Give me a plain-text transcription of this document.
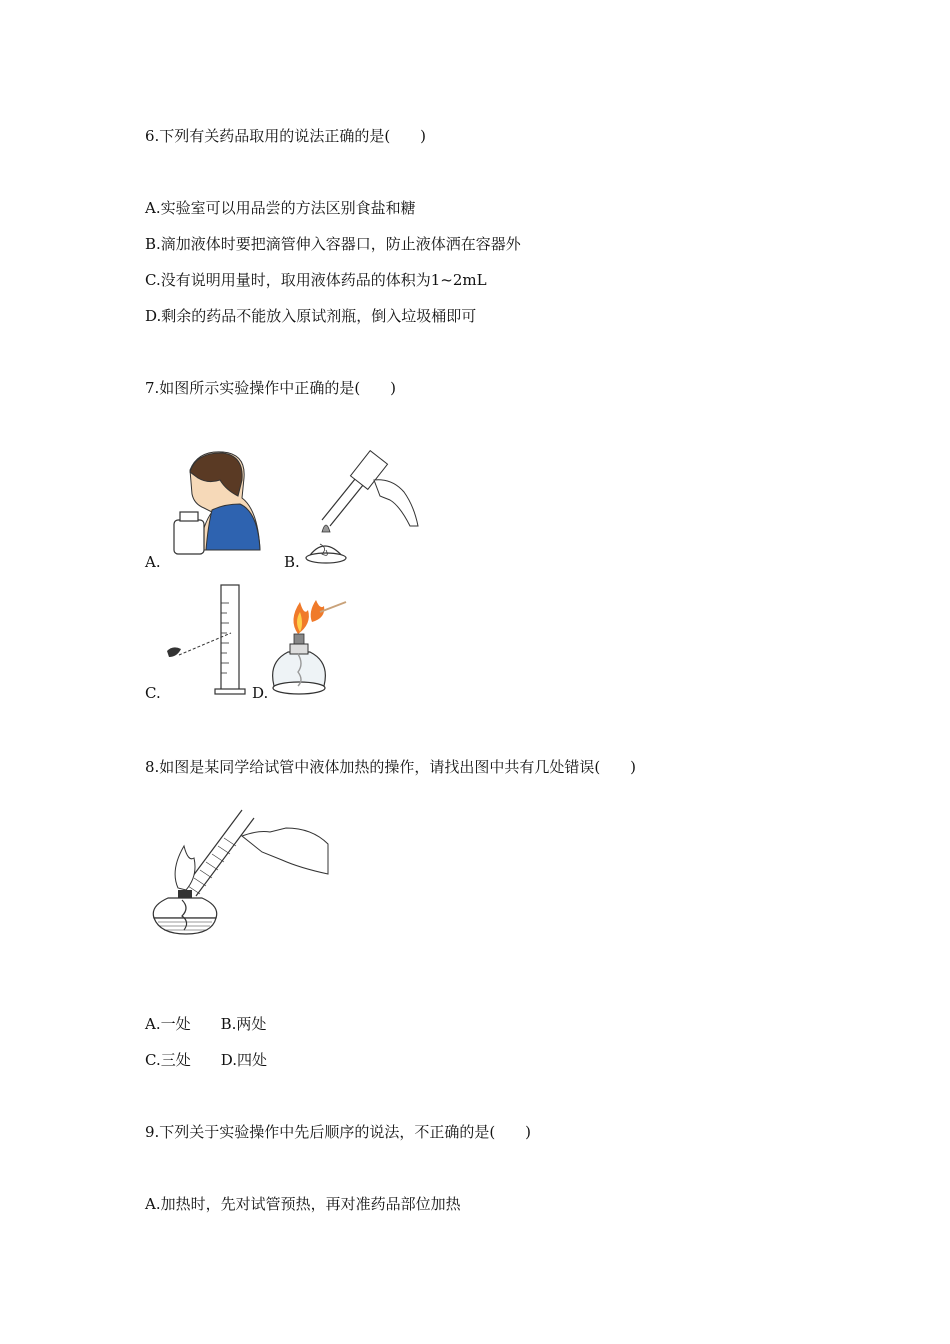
6.下列有关药品取用的说法正确的是(　　)
A.实验室可以用品尝的方法区别食盐和糖
B.滴加液体时要把滴管伸入容器口，防止液体洒在容器外
C.没有说明用量时，取用液体药品的体积为1~2mL
D.剩余的药品不能放入原试剂瓶，倒入垃圾桶即可
7.如图所示实验操作中正确的是(　　)
A.	B.
C.	D.
8.如图是某同学给试管中液体加热的操作，请找出图中共有几处错误(　　)
A.一处　　B.两处
C.三处　　D.四处
9.下列关于实验操作中先后顺序的说法，不正确的是(　　)
A.加热时，先对试管预热，再对准药品部位加热
